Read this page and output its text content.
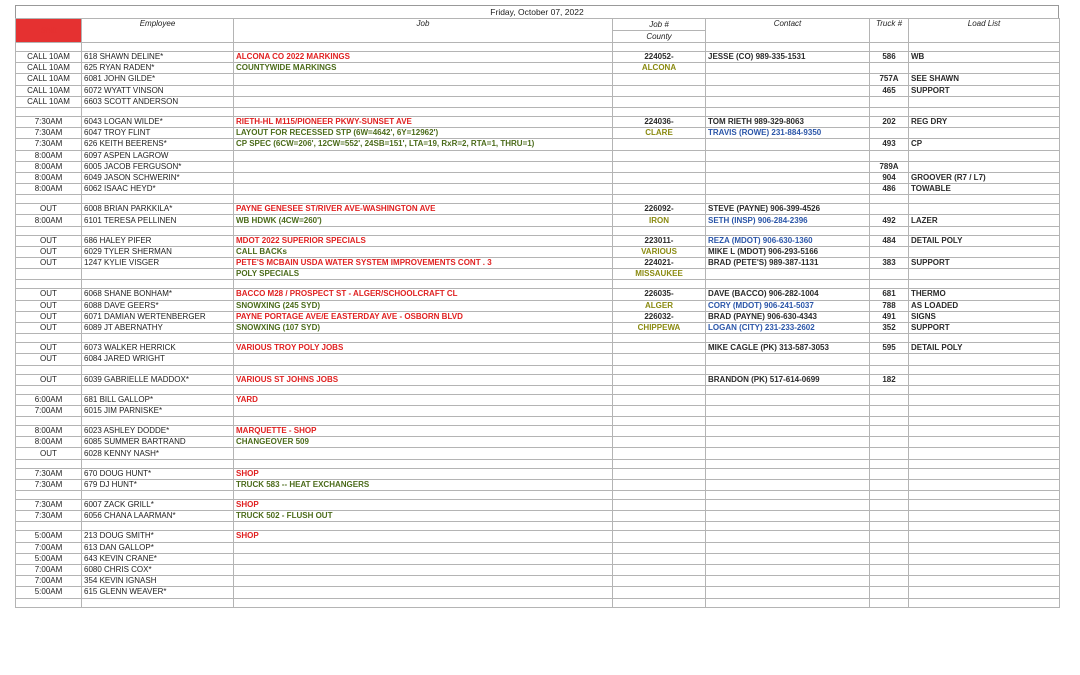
Friday, October 07, 2022
Shift	Employee	Job	Job #	Contact	Truck #	Load List
			County			

CALL 10AM	618 SHAWN DELINE*	ALCONA CO 2022 MARKINGS	224052-	JESSE (CO) 989-335-1531	586	WB
CALL 10AM	625 RYAN RADEN*	COUNTYWIDE MARKINGS	ALCONA			
CALL 10AM	6081 JOHN GILDE*				757A	SEE SHAWN
CALL 10AM	6072 WYATT VINSON				465	SUPPORT
CALL 10AM	6603 SCOTT ANDERSON					

7:30AM	6043 LOGAN WILDE*	RIETH-HL M115/PIONEER PKWY-SUNSET AVE	224036-	TOM RIETH 989-329-8063	202	REG DRY
7:30AM	6047 TROY FLINT	LAYOUT FOR RECESSED STP (6W=4642', 6Y=12962')	CLARE	TRAVIS (ROWE) 231-884-9350		
7:30AM	626 KEITH BEERENS*	CP SPEC (6CW=206', 12CW=552', 24SB=151', LTA=19, RxR=2, RTA=1, THRU=1)			493	CP
8:00AM	6097 ASPEN LAGROW					
8:00AM	6005 JACOB FERGUSON*				789A	
8:00AM	6049 JASON SCHWERIN*				904	GROOVER (R7 / L7)
8:00AM	6062 ISAAC HEYD*				486	TOWABLE

OUT	6008 BRIAN PARKKILA*	PAYNE GENESEE ST/RIVER AVE-WASHINGTON AVE	226092-	STEVE (PAYNE) 906-399-4526		
8:00AM	6101 TERESA PELLINEN	WB HDWK (4CW=260')	IRON	SETH (INSP) 906-284-2396	492	LAZER

OUT	686 HALEY PIFER	MDOT 2022 SUPERIOR SPECIALS	223011-	REZA (MDOT) 906-630-1360	484	DETAIL POLY
OUT	6029 TYLER SHERMAN	CALL BACKs	VARIOUS	MIKE L (MDOT) 906-293-5166		
OUT	1247 KYLIE VISGER	PETE'S MCBAIN USDA WATER SYSTEM IMPROVEMENTS CONT . 3	224021-	BRAD (PETE'S) 989-387-1131	383	SUPPORT
		POLY SPECIALS	MISSAUKEE			

OUT	6068 SHANE BONHAM*	BACCO M28 / PROSPECT ST - ALGER/SCHOOLCRAFT CL	226035-	DAVE (BACCO) 906-282-1004	681	THERMO
OUT	6088 DAVE GEERS*	SNOWXING (245 SYD)	ALGER	CORY (MDOT) 906-241-5037	788	AS LOADED
OUT	6071 DAMIAN WERTENBERGER	PAYNE PORTAGE AVE/E EASTERDAY AVE - OSBORN BLVD	226032-	BRAD (PAYNE) 906-630-4343	491	SIGNS
OUT	6089 JT ABERNATHY	SNOWXING (107 SYD)	CHIPPEWA	LOGAN (CITY) 231-233-2602	352	SUPPORT

OUT	6073 WALKER HERRICK	VARIOUS TROY POLY JOBS		MIKE CAGLE (PK) 313-587-3053	595	DETAIL POLY
OUT	6084 JARED WRIGHT					

OUT	6039 GABRIELLE MADDOX*	VARIOUS ST JOHNS JOBS		BRANDON (PK) 517-614-0699	182	

6:00AM	681 BILL GALLOP*	YARD				
7:00AM	6015 JIM PARNISKE*					

8:00AM	6023 ASHLEY DODDE*	MARQUETTE - SHOP				
8:00AM	6085 SUMMER BARTRAND	CHANGEOVER 509				
OUT	6028 KENNY NASH*					

7:30AM	670 DOUG HUNT*	SHOP				
7:30AM	679 DJ HUNT*	TRUCK 583 -- HEAT EXCHANGERS				

7:30AM	6007 ZACK GRILL*	SHOP				
7:30AM	6056 CHANA LAARMAN*	TRUCK 502 - FLUSH OUT				

5:00AM	213 DOUG SMITH*	SHOP				
7:00AM	613 DAN GALLOP*					
5:00AM	643 KEVIN CRANE*					
7:00AM	6080 CHRIS COX*					
7:00AM	354 KEVIN IGNASH					
5:00AM	615 GLENN WEAVER*					
